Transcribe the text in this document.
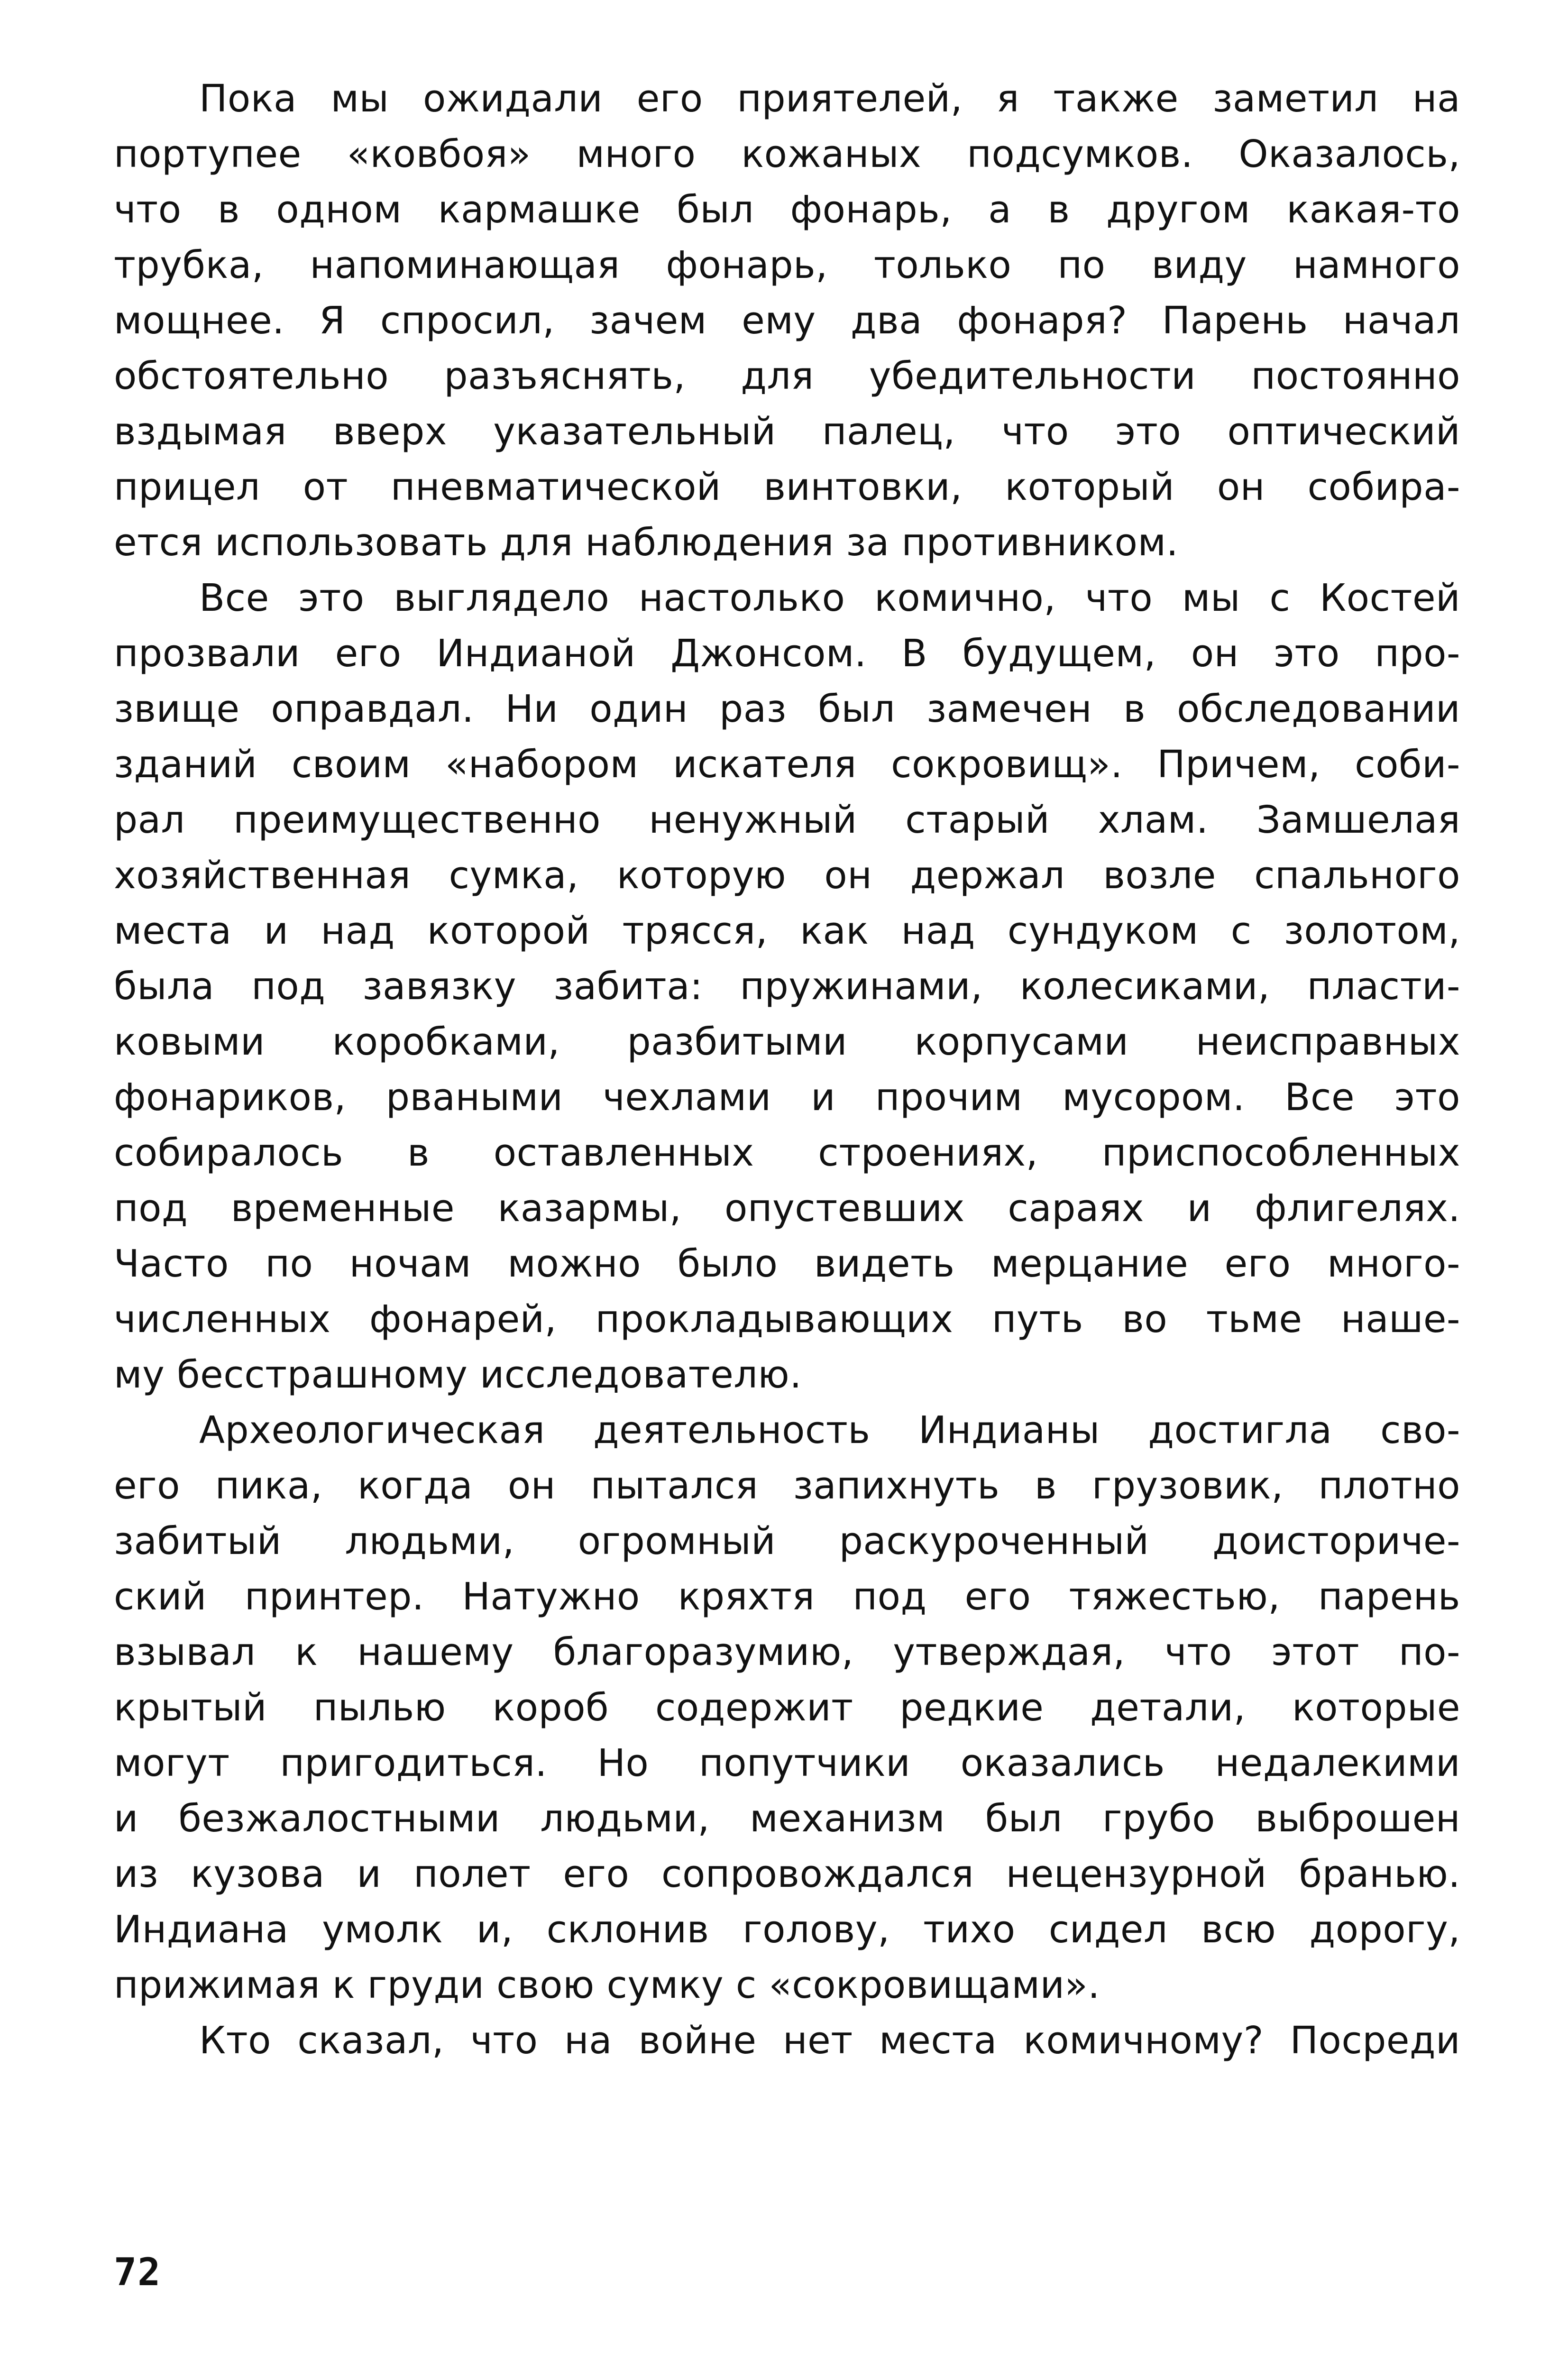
Пока мы ожидали его приятелей, я также заметил на
портупее «ковбоя» много кожаных подсумков. Оказалось,
что в одном кармашке был фонарь, а в другом какая-то
трубка, напоминающая фонарь, только по виду намного
мощнее. Я спросил, зачем ему два фонаря? Парень начал
обстоятельно разъяснять, для убедительности постоянно
вздымая вверх указательный палец, что это оптический
прицел от пневматической винтовки, который он собира-
ется использовать для наблюдения за противником.
Все это выглядело настолько комично, что мы с Костей
прозвали его Индианой Джонсом. В будущем, он это про-
звище оправдал. Ни один раз был замечен в обследовании
зданий своим «набором искателя сокровищ». Причем, соби-
рал преимущественно ненужный старый хлам. Замшелая
хозяйственная сумка, которую он держал возле спального
места и над которой трясся, как над сундуком с золотом,
была под завязку забита: пружинами, колесиками, пласти-
ковыми коробками, разбитыми корпусами неисправных
фонариков, рваными чехлами и прочим мусором. Все это
собиралось в оставленных строениях, приспособленных
под временные казармы, опустевших сараях и флигелях.
Часто по ночам можно было видеть мерцание его много-
численных фонарей, прокладывающих путь во тьме наше-
му бесстрашному исследователю.
Археологическая деятельность Индианы достигла сво-
его пика, когда он пытался запихнуть в грузовик, плотно
забитый людьми, огромный раскуроченный доисториче-
ский принтер. Натужно кряхтя под его тяжестью, парень
взывал к нашему благоразумию, утверждая, что этот по-
крытый пылью короб содержит редкие детали, которые
могут пригодиться. Но попутчики оказались недалекими
и безжалостными людьми, механизм был грубо выброшен
из кузова и полет его сопровождался нецензурной бранью.
Индиана умолк и, склонив голову, тихо сидел всю дорогу,
прижимая к груди свою сумку с «сокровищами».
Кто сказал, что на войне нет места комичному? Посреди
72
